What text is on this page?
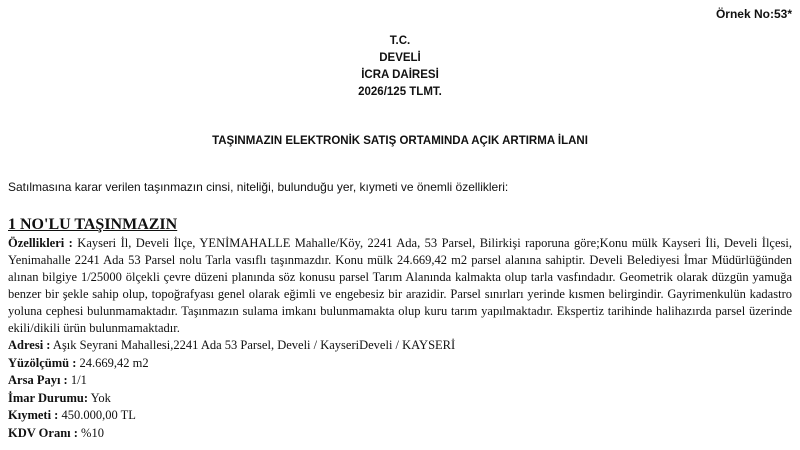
Örnek No:53*
T.C.
DEVELİ
İCRA DAİRESİ
2026/125 TLMT.
TAŞINMAZIN ELEKTRONİK SATIŞ ORTAMINDA AÇIK ARTIRMA İLANI
Satılmasına karar verilen taşınmazın cinsi, niteliği, bulunduğu yer, kıymeti ve önemli özellikleri:
1 NO'LU TAŞINMAZIN

Özellikleri : Kayseri İl, Develi İlçe, YENİMAHALLE Mahalle/Köy, 2241 Ada, 53 Parsel, Bilirkişi raporuna göre;Konu mülk Kayseri İli, Develi İlçesi, Yenimahalle 2241 Ada 53 Parsel nolu Tarla vasıflı taşınmazdır. Konu mülk 24.669,42 m2 parsel alanına sahiptir. Develi Belediyesi İmar Müdürlüğünden alınan bilgiye 1/25000 ölçekli çevre düzeni planında söz konusu parsel Tarım Alanında kalmakta olup tarla vasfındadır. Geometrik olarak düzgün yamuğa benzer bir şekle sahip olup, topoğrafyası genel olarak eğimli ve engebesiz bir arazidir. Parsel sınırları yerinde kısmen belirgindir. Gayrimenkulün kadastro yoluna cephesi bulunmamaktadır. Taşınmazın sulama imkanı bulunmamakta olup kuru tarım yapılmaktadır. Ekspertiz tarihinde halihazırda parsel üzerinde ekili/dikili ürün bulunmamaktadır.

Adresi : Aşık Seyrani Mahallesi,2241 Ada 53 Parsel, Develi / KayseriDeveli / KAYSERİ
Yüzölçümü : 24.669,42 m2
Arsa Payı : 1/1
İmar Durumu: Yok
Kıymeti : 450.000,00 TL
KDV Oranı : %10
